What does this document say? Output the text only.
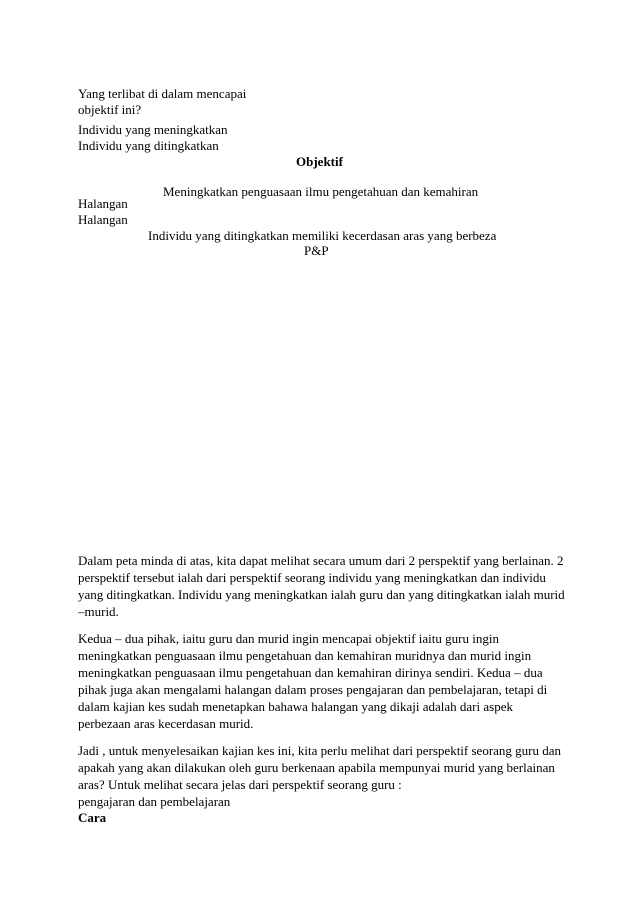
Yang terlibat di dalam mencapai
objektif ini?
Individu yang meningkatkan
Individu yang ditingkatkan
Objektif
Meningkatkan penguasaan ilmu pengetahuan dan kemahiran
Halangan
Halangan
Individu yang ditingkatkan memiliki kecerdasan aras yang berbeza
P&P
Dalam peta minda di atas, kita dapat melihat secara umum dari 2 perspektif yang berlainan. 2
perspektif tersebut ialah dari perspektif seorang individu yang meningkatkan dan individu
yang ditingkatkan. Individu yang meningkatkan ialah guru dan yang ditingkatkan ialah murid
–murid.
Kedua – dua pihak, iaitu guru dan murid ingin mencapai objektif iaitu guru ingin
meningkatkan penguasaan ilmu pengetahuan dan kemahiran muridnya dan murid ingin
meningkatkan penguasaan ilmu pengetahuan dan kemahiran dirinya sendiri. Kedua – dua
pihak juga akan mengalami halangan dalam proses pengajaran dan pembelajaran, tetapi di
dalam kajian kes sudah menetapkan bahawa halangan yang dikaji adalah dari aspek
perbezaan aras kecerdasan murid.
Jadi , untuk menyelesaikan kajian kes ini, kita perlu melihat dari perspektif seorang guru dan
apakah yang akan dilakukan oleh guru berkenaan apabila mempunyai murid yang berlainan
aras? Untuk melihat secara jelas dari perspektif seorang guru :
pengajaran dan pembelajaran
Cara
